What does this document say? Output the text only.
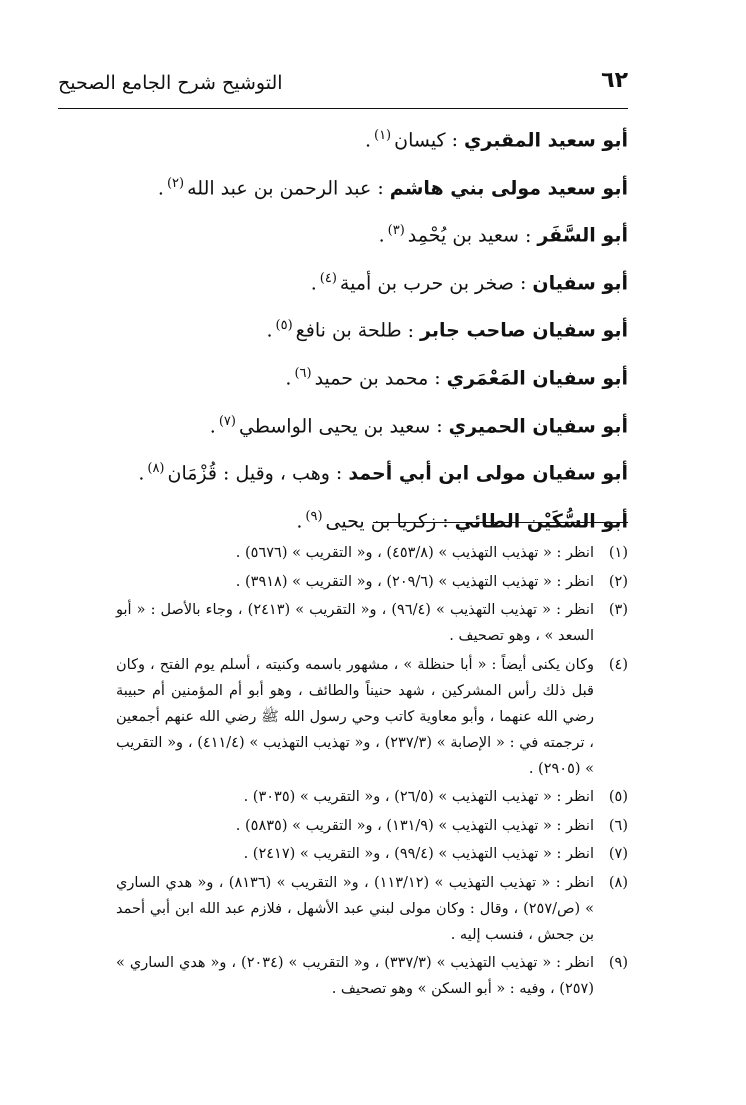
٦٢
التوشيح شرح الجامع الصحيح
أبو سعيد المقبري:كيسان$^{(١)}$.
أبو سعيد مولى بني هاشم:عبد الرحمن بن عبد الله$^{(٢)}$.
أبو السَّفَر:سعيد بن يُحْمِد$^{(٣)}$.
أبو سفيان:صخر بن حرب بن أمية$^{(٤)}$.
أبو سفيان صاحب جابر:طلحة بن نافع$^{(٥)}$.
أبو سفيان المَعْمَري:محمد بن حميد$^{(٦)}$.
أبو سفيان الحميري:سعيد بن يحيى الواسطي$^{(٧)}$.
أبو سفيان مولى ابن أبي أحمد:وهب ، وقيل : قُزْمَان$^{(٨)}$.
أبو السُّكَيْن الطائي:زكريا بن يحيى$^{(٩)}$.
(١)
انظر : « تهذيب التهذيب » (٤٥٣/٨) ، و« التقريب » (٥٦٧٦) .
(٢)
انظر : « تهذيب التهذيب » (٢٠٩/٦) ، و« التقريب » (٣٩١٨) .
(٣)
انظر : « تهذيب التهذيب » (٩٦/٤) ، و« التقريب » (٢٤١٣) ، وجاء بالأصل : « أبو السعد » ، وهو تصحيف .
(٤)
وكان يكنى أيضاً : « أبا حنظلة » ، مشهور باسمه وكنيته ، أسلم يوم الفتح ، وكان قبل ذلك رأس المشركين ، شهد حنيناً والطائف ، وهو أبو أم المؤمنين أم حبيبة رضي الله عنهما ، وأبو معاوية كاتب وحي رسول الله ﷺ رضي الله عنهم أجمعين ، ترجمته في : « الإصابة » (٢٣٧/٣) ، و« تهذيب التهذيب » (٤١١/٤) ، و« التقريب » (٢٩٠٥) .
(٥)
انظر : « تهذيب التهذيب » (٢٦/٥) ، و« التقريب » (٣٠٣٥) .
(٦)
انظر : « تهذيب التهذيب » (١٣١/٩) ، و« التقريب » (٥٨٣٥) .
(٧)
انظر : « تهذيب التهذيب » (٩٩/٤) ، و« التقريب » (٢٤١٧) .
(٨)
انظر : « تهذيب التهذيب » (١١٣/١٢) ، و« التقريب » (٨١٣٦) ، و« هدي الساري » (ص/٢٥٧) ، وقال : وكان مولى لبني عبد الأشهل ، فلازم عبد الله ابن أبي أحمد بن جحش ، فنسب إليه .
(٩)
انظر : « تهذيب التهذيب » (٣٣٧/٣) ، و« التقريب » (٢٠٣٤) ، و« هدي الساري » (٢٥٧) ، وفيه : « أبو السكن » وهو تصحيف .
